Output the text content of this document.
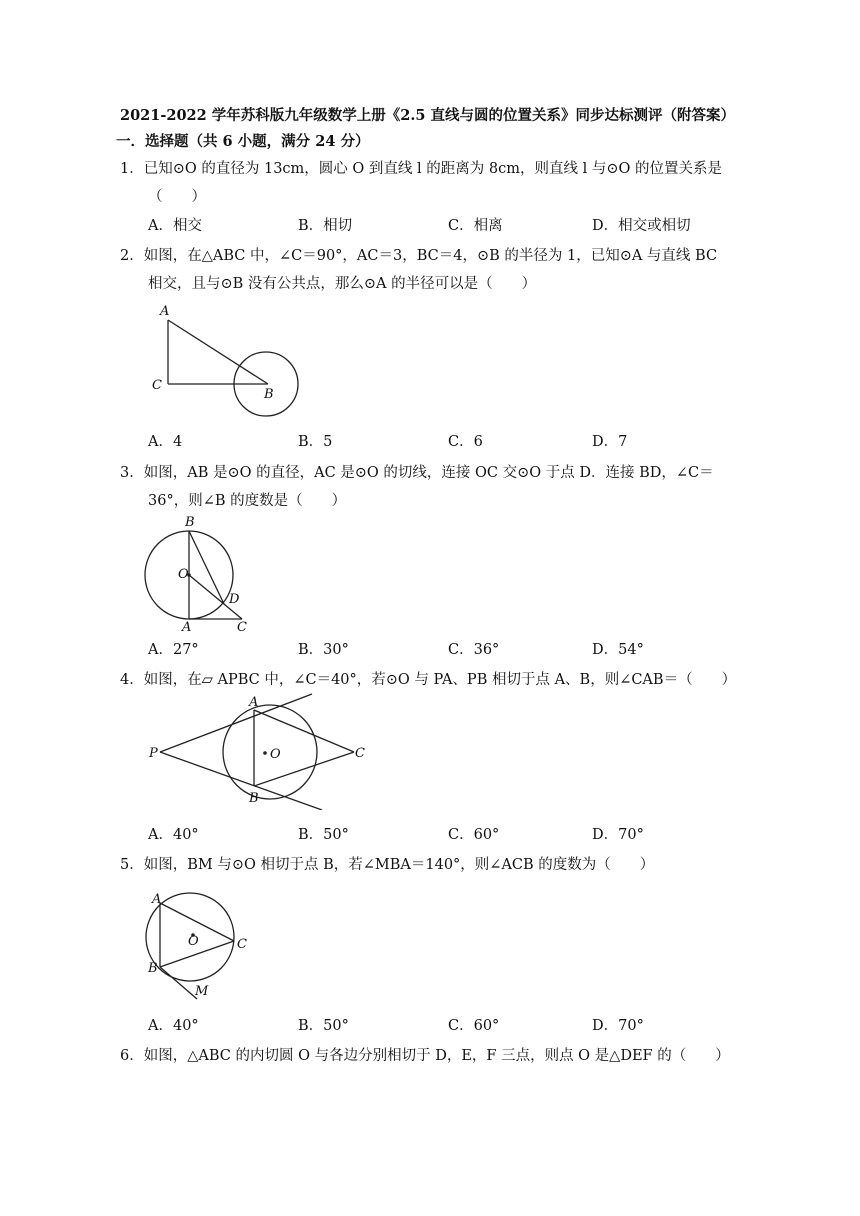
2021-2022 学年苏科版九年级数学上册《2.5 直线与圆的位置关系》同步达标测评（附答案）
一．选择题（共 6 小题，满分 24 分）
1．已知⊙O 的直径为 13cm，圆心 O 到直线 l 的距离为 8cm，则直线 l 与⊙O 的位置关系是
（　　）
A．相交	B．相切	C．相离	D．相交或相切
2．如图，在△ABC 中，∠C＝90°，AC＝3，BC＝4，⊙B 的半径为 1，已知⊙A 与直线 BC
相交，且与⊙B 没有公共点，那么⊙A 的半径可以是（　　）
A
C
B
A．4	B．5	C．6	D．7
3．如图，AB 是⊙O 的直径，AC 是⊙O 的切线，连接 OC 交⊙O 于点 D．连接 BD，∠C＝
36°，则∠B 的度数是（　　）
B
O
D
A	C
A．27°	B．30°	C．36°	D．54°
4．如图，在▱ APBC 中，∠C＝40°，若⊙O 与 PA、PB 相切于点 A、B，则∠CAB＝（　　）
A
P	O	C
B
A．40°	B．50°	C．60°	D．70°
5．如图，BM 与⊙O 相切于点 B，若∠MBA＝140°，则∠ACB 的度数为（　　）
A
O	C
B
M
A．40°	B．50°	C．60°	D．70°
6．如图，△ABC 的内切圆 O 与各边分别相切于 D，E，F 三点，则点 O 是△DEF 的（　　）
